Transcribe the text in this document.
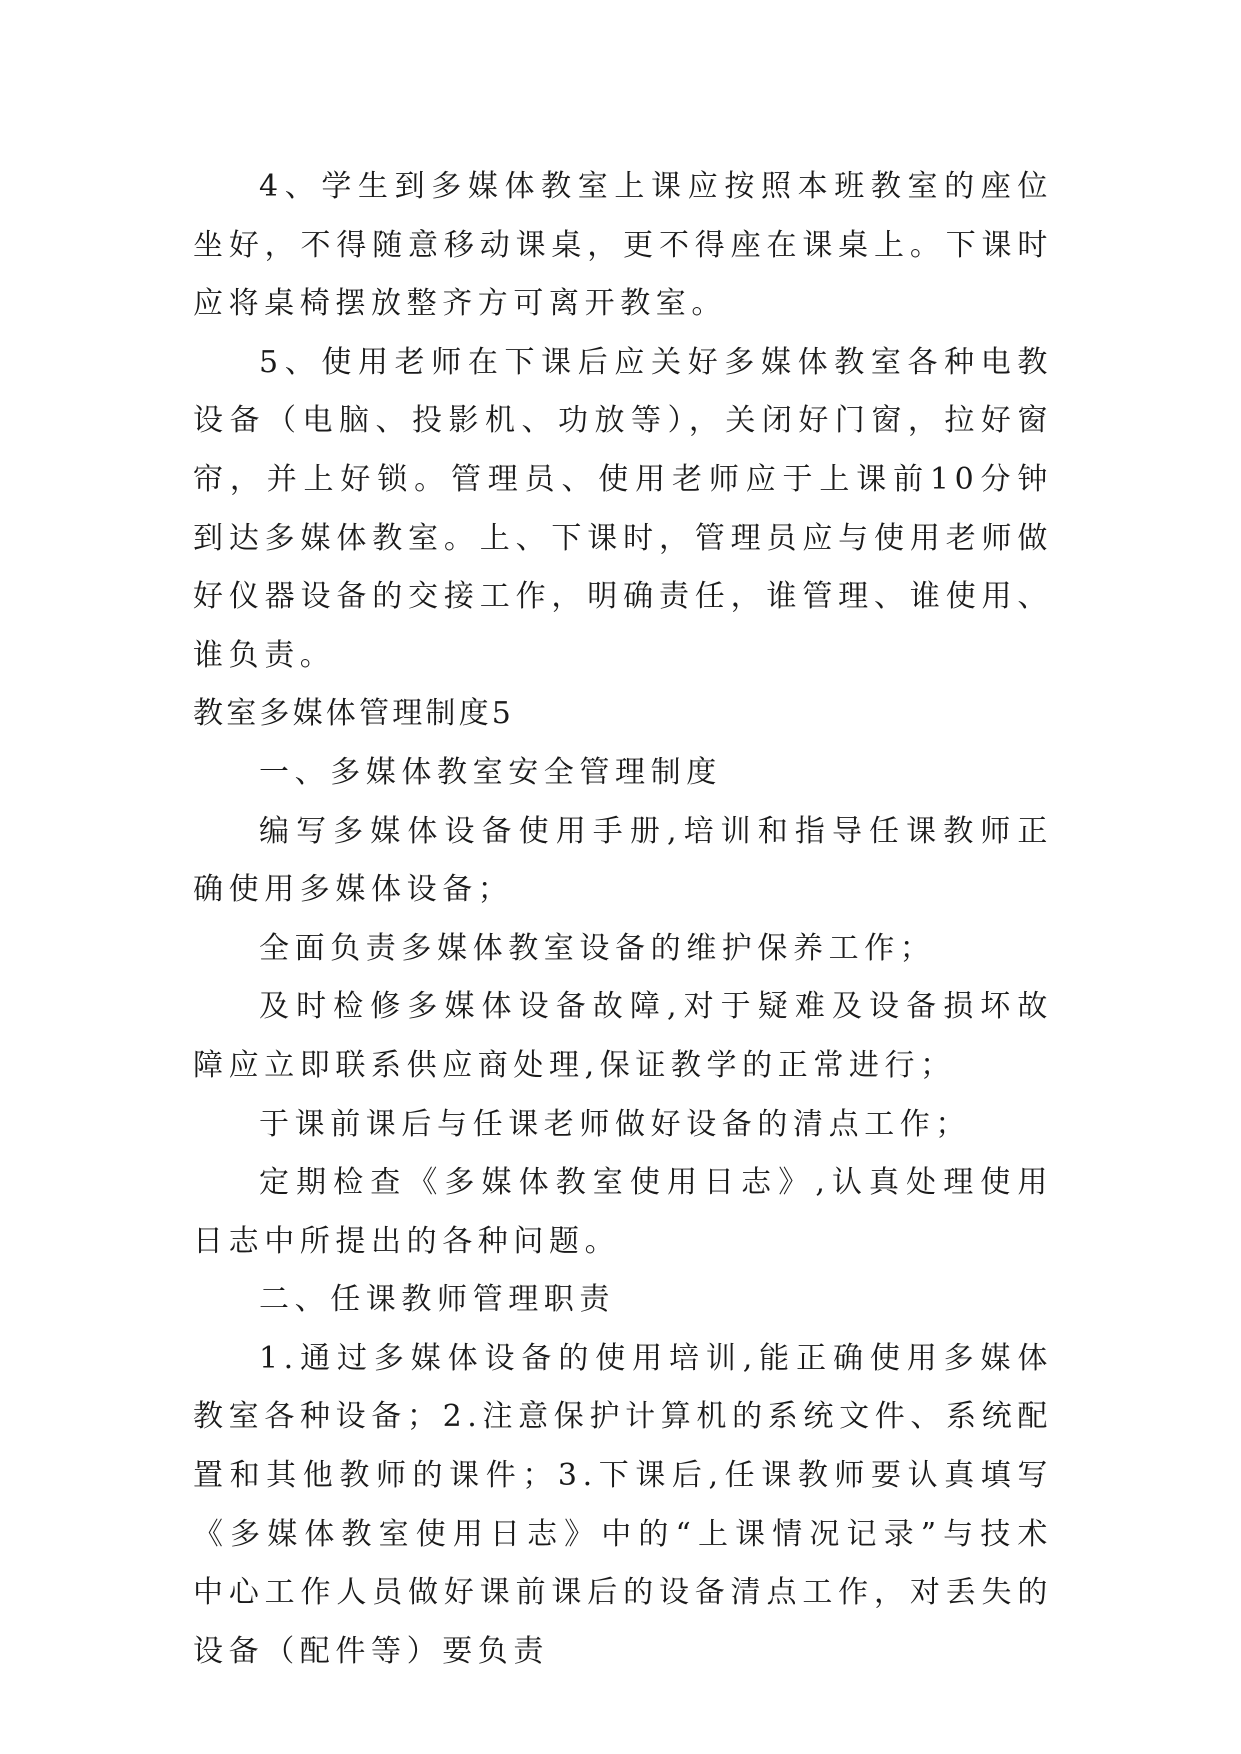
4、学生到多媒体教室上课应按照本班教室的座位坐好，不得随意移动课桌，更不得座在课桌上。下课时应将桌椅摆放整齐方可离开教室。

5、使用老师在下课后应关好多媒体教室各种电教设备（电脑、投影机、功放等），关闭好门窗，拉好窗帘，并上好锁。管理员、使用老师应于上课前10分钟到达多媒体教室。上、下课时，管理员应与使用老师做好仪器设备的交接工作，明确责任，谁管理、谁使用、谁负责。

教室多媒体管理制度5

一、多媒体教室安全管理制度

编写多媒体设备使用手册,培训和指导任课教师正确使用多媒体设备；

全面负责多媒体教室设备的维护保养工作；

及时检修多媒体设备故障,对于疑难及设备损坏故障应立即联系供应商处理,保证教学的正常进行；

于课前课后与任课老师做好设备的清点工作；

定期检查《多媒体教室使用日志》,认真处理使用日志中所提出的各种问题。

二、任课教师管理职责

1.通过多媒体设备的使用培训,能正确使用多媒体教室各种设备；2.注意保护计算机的系统文件、系统配置和其他教师的课件；3.下课后,任课教师要认真填写《多媒体教室使用日志》中的“上课情况记录”与技术中心工作人员做好课前课后的设备清点工作，对丢失的设备（配件等）要负责
